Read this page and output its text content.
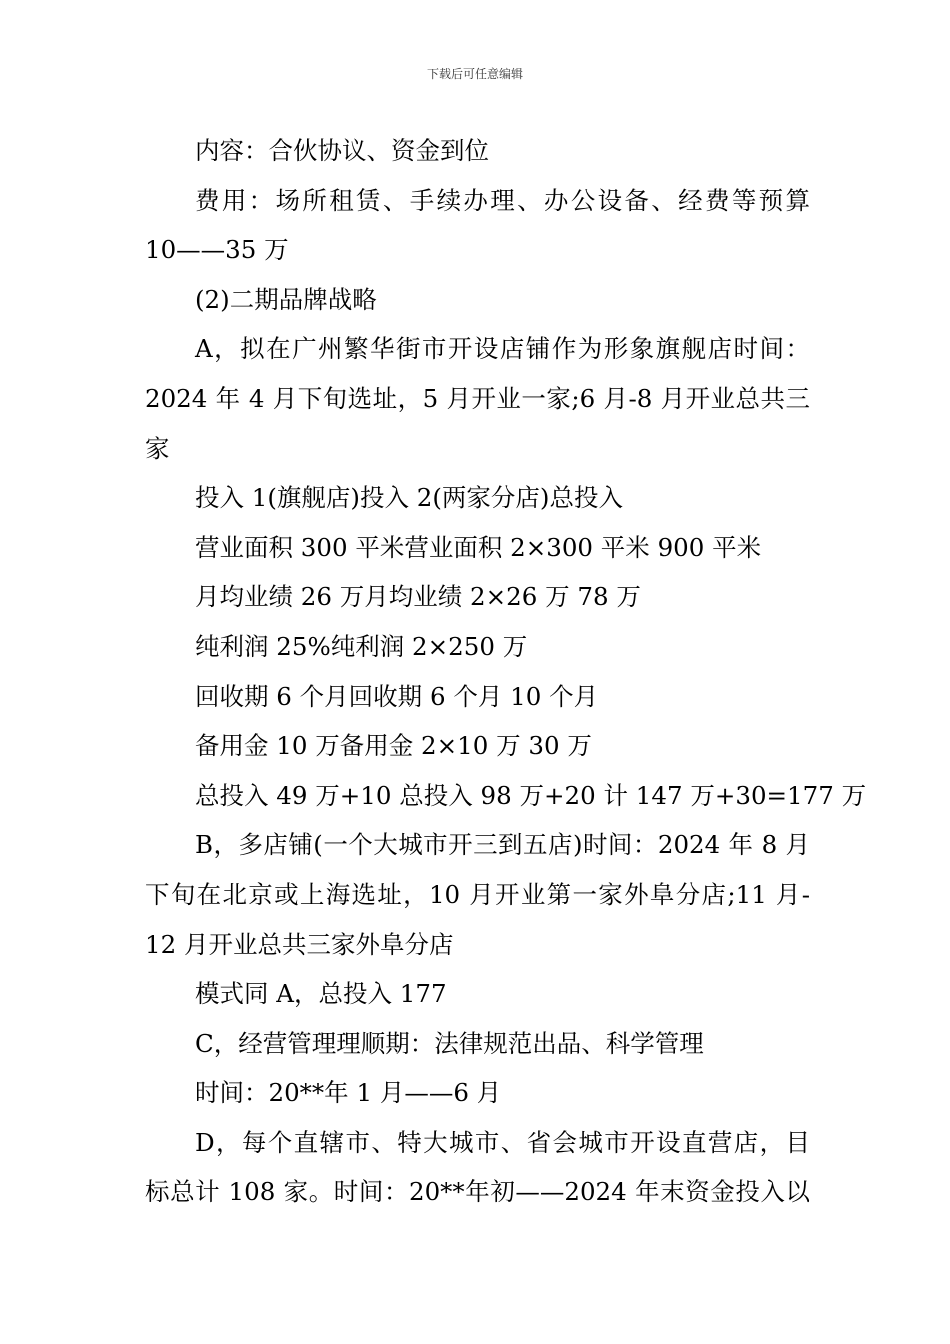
下载后可任意编辑
内容：合伙协议、资金到位
费用：场所租赁、手续办理、办公设备、经费等预算
10——35 万
(2)二期品牌战略
A，拟在广州繁华街市开设店铺作为形象旗舰店时间：
2024 年 4 月下旬选址，5 月开业一家;6 月-8 月开业总共三
家
投入 1(旗舰店)投入 2(两家分店)总投入
营业面积 300 平米营业面积 2×300 平米 900 平米
月均业绩 26 万月均业绩 2×26 万 78 万
纯利润 25%纯利润 2×250 万
回收期 6 个月回收期 6 个月 10 个月
备用金 10 万备用金 2×10 万 30 万
总投入 49 万+10 总投入 98 万+20 计 147 万+30=177 万
B，多店铺(一个大城市开三到五店)时间：2024 年 8 月
下旬在北京或上海选址，10 月开业第一家外阜分店;11 月-
12 月开业总共三家外阜分店
模式同 A，总投入 177
C，经营管理理顺期：法律规范出品、科学管理
时间：20**年 1 月——6 月
D，每个直辖市、特大城市、省会城市开设直营店，目
标总计 108 家。时间：20**年初——2024 年末资金投入以
